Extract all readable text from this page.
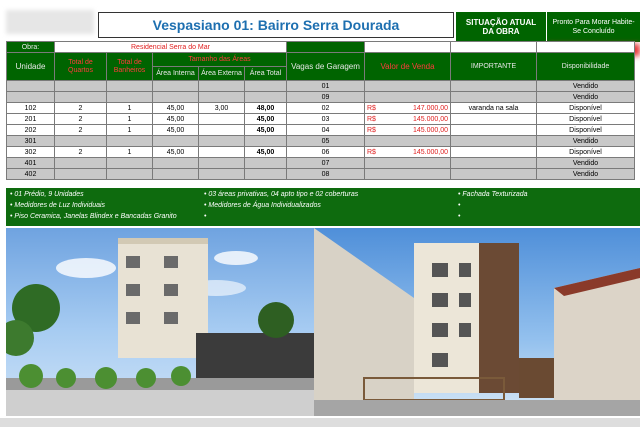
Vespasiano 01: Bairro Serra Dourada	SITUAÇÃO ATUAL DA OBRA
Pronto Para Morar Habite-Se Concluído
Obra:	Residencial Serra do Mar								
Unidade	Total de Quartos	Total de Banheiros	Tamanho das Áreas			Vagas de Garagem	Valor de Venda	IMPORTANTE	Disponibilidade
			Área Interna	Área Externa	Área Total				
						01			Vendido
						09			Vendido
102	2	1	45,00	3,00	48,00	02	R$ 147.000,00	varanda na sala	Disponível
201	2	1	45,00		45,00	03	R$ 145.000,00		Disponível
202	2	1	45,00		45,00	04	R$ 145.000,00		Disponível
301						05			Vendido
302	2	1	45,00		45,00	06	R$ 145.000,00		Disponível
401						07			Vendido
402						08			Vendido
• 01 Prédio, 9 Unidades
• Medidores de Luz Individuais
• Piso Ceramica, Janelas Blindex e Bancadas Granito
• 03 áreas privativas, 04 apto tipo e 02 coberturas
• Medidores de Água Individualizados
•
• Fachada Texturizada
•
•
